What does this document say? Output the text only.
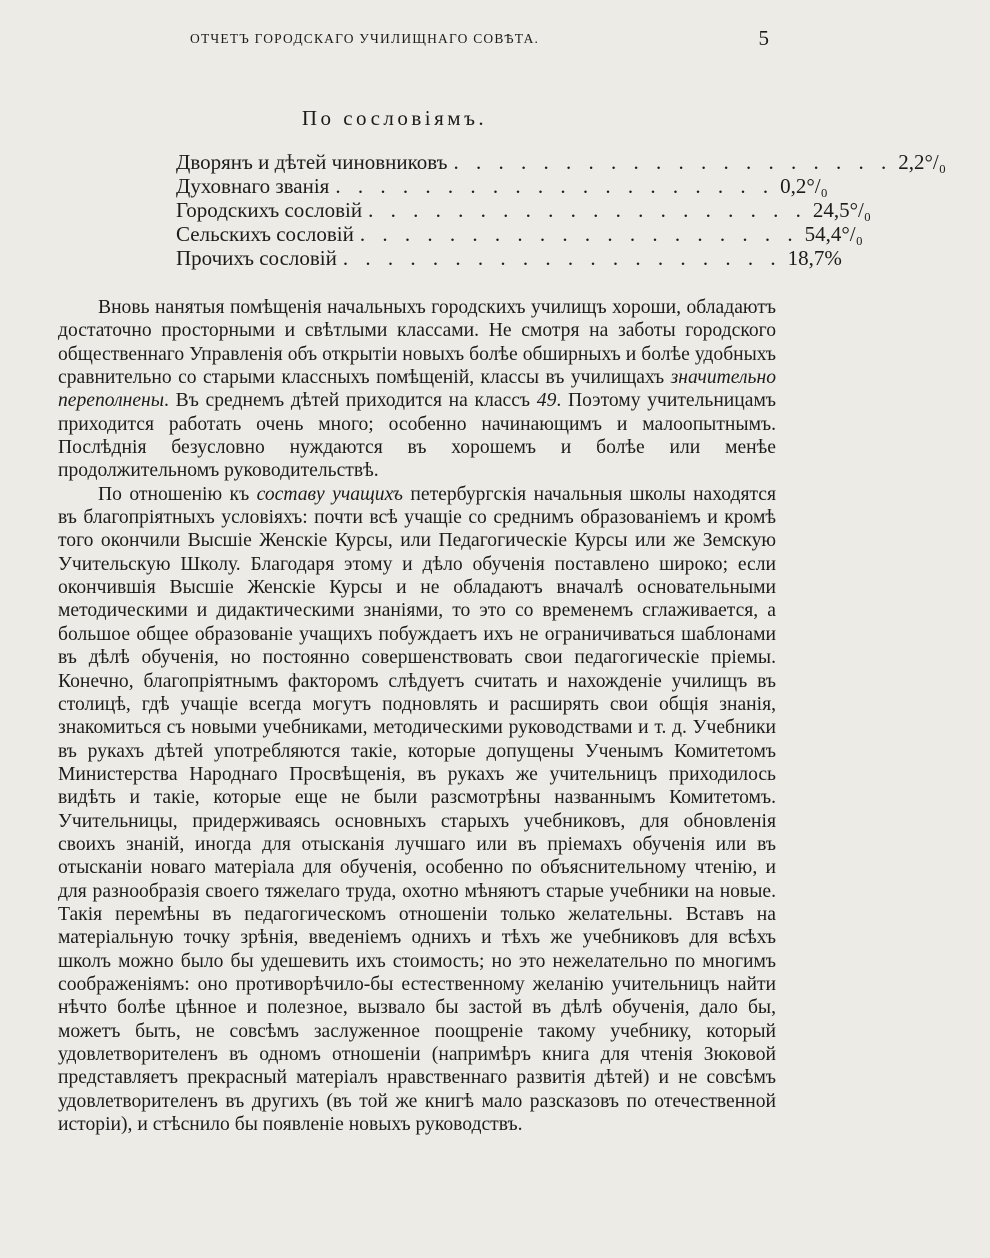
ОТЧЕТЪ ГОРОДСКАГО УЧИЛИЩНАГО СОВѢТА.	5
По сословіямъ.
Дворянъ и дѣтей чиновниковъ . . . . . . . . . . . . . . . . . . . . 2,2°/₀
Духовнаго званія . . . . . . . . . . . . . . . . . . . . 0,2°/₀
Городскихъ сословій . . . . . . . . . . . . . . . . . . . . 24,5°/₀
Сельскихъ сословій . . . . . . . . . . . . . . . . . . . . 54,4°/₀
Прочихъ сословій . . . . . . . . . . . . . . . . . . . . 18,7%

Вновь нанятыя помѣщенія начальныхъ городскихъ училищъ хороши, обладаютъ достаточно просторными и свѣтлыми классами. Не смотря на заботы городского общественнаго Управленія объ открытіи новыхъ болѣе обширныхъ и болѣе удобныхъ сравнительно со старыми классныхъ помѣщеній, классы въ училищахъ значительно переполнены. Въ среднемъ дѣтей приходится на классъ 49. Поэтому учительницамъ приходится работать очень много; особенно начинающимъ и малоопытнымъ. Послѣднія безусловно нуждаются въ хорошемъ и болѣе или менѣе продолжительномъ руководительствѣ.

По отношенію къ составу учащихъ петербургскія начальныя школы находятся въ благопріятныхъ условіяхъ: почти всѣ учащіе со среднимъ образованіемъ и кромѣ того окончили Высшіе Женскіе Курсы, или Педагогическіе Курсы или же Земскую Учительскую Школу. Благодаря этому и дѣло обученія поставлено широко; если окончившія Высшіе Женскіе Курсы и не обладаютъ вначалѣ основательными методическими и дидактическими знаніями, то это со временемъ сглаживается, а большое общее образованіе учащихъ побуждаетъ ихъ не ограничиваться шаблонами въ дѣлѣ обученія, но постоянно совершенствовать свои педагогическіе пріемы. Конечно, благопріятнымъ факторомъ слѣдуетъ считать и нахожденіе училищъ въ столицѣ, гдѣ учащіе всегда могутъ подновлять и расширять свои общія знанія, знакомиться съ новыми учебниками, методическими руководствами и т. д. Учебники въ рукахъ дѣтей употребляются такіе, которые допущены Ученымъ Комитетомъ Министерства Народнаго Просвѣщенія, въ рукахъ же учительницъ приходилось видѣть и такіе, которые еще не были разсмотрѣны названнымъ Комитетомъ. Учительницы, придерживаясь основныхъ старыхъ учебниковъ, для обновленія своихъ знаній, иногда для отысканія лучшаго или въ пріемахъ обученія или въ отысканіи новаго матеріала для обученія, особенно по объяснительному чтенію, и для разнообразія своего тяжелаго труда, охотно мѣняютъ старые учебники на новые. Такія перемѣны въ педагогическомъ отношеніи только желательны. Вставъ на матеріальную точку зрѣнія, введеніемъ однихъ и тѣхъ же учебниковъ для всѣхъ школъ можно было бы удешевить ихъ стоимость; но это нежелательно по многимъ соображеніямъ: оно противорѣчило-бы естественному желанію учительницъ найти нѣчто болѣе цѣнное и полезное, вызвало бы застой въ дѣлѣ обученія, дало бы, можетъ быть, не совсѣмъ заслуженное поощреніе такому учебнику, который удовлетворителенъ въ одномъ отношеніи (напримѣръ книга для чтенія Зюковой представляетъ прекрасный матеріалъ нравственнаго развитія дѣтей) и не совсѣмъ удовлетворителенъ въ другихъ (въ той же книгѣ мало разсказовъ по отечественной исторіи), и стѣснило бы появленіе новыхъ руководствъ.
